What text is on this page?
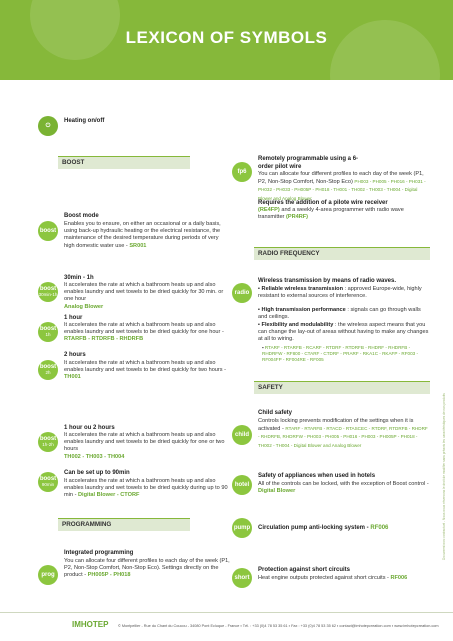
LEXICON OF SYMBOLS
⏻
Heating on/off
BOOST
boost
Boost mode
Enables you to ensure, on either an occasional or a daily basis, using back-up hydraulic heating or the electrical resistance, the maintenance of the desired temperature during periods of very high domestic water use - SR001
boost
30min-1h
30min - 1h
It accelerates the rate at which a bathroom heats up and also enables laundry and wet towels to be dried quickly for 30 min. or one hour
Analog Blower
boost
1h
1 hour
It accelerates the rate at which a bathroom heats up and also enables laundry and wet towels to be dried quickly for one hour - RTARFB - RTDRFB - RHDRFB
boost
2h
2 hours
It accelerates the rate at which a bathroom heats up and also enables laundry and wet towels to be dried quickly for two hours - TH001
boost
1h-2h
1 hour ou 2 hours
It accelerates the rate at which a bathroom heats up and also enables laundry and wet towels to be dried quickly for one or two hours
TH002 - TH003 - TH004
boost
90min
Can be set up to 90min
It accelerates the rate at which a bathroom heats up and also enables laundry and wet towels to be dried quickly during up to 90 min - Digital Blower - CTORF
PROGRAMMING
prog
Integrated programming
You can allocate four different profiles to each day of the week (P1, P2, Non-Stop Comfort, Non-Stop Eco). Settings directly on the product - PH005P - PH018
fp6
Remotely programmable using a 6-order pilot wire
You can allocate four different profiles to each day of the week (P1, P2, Non-Stop Comfort, Non-Stop Eco) PH003 - PH005 - PH016 - PH031 - PH032 - PH033 - PH005P - PH018 - TH001 - TH002 - TH003 - TH004 - Digital Blower and Analog Blower
Requires the addition of a pilote wire receiver
(RE4FP) and a weekly 4-area programmer with radio wave transmitter (PR4RF)
RADIO FREQUENCY
radio
Wireless transmission by means of radio waves.
▪ Reliable wireless transmission : approved Europe-wide, highly resistant to external sources of interference.
▪ High transmission performance : signals can go through walls and ceilings.
▪ Flexibility and modulability : the wireless aspect means that you can change the lay-out of areas without having to make any changes at all to wiring.
▪ RTARF - RTARFB - RCARF - RTDRF - RTDRFB - RHDRF - RHDRFB - RHDRFW - RF800 - CTARF - CTDRF - PRARF - RKA1C - RKAFP - RF003 - RF004FP - RF004RE - RF005
SAFETY
child
Child safety
Controls locking prevents modification of the settings when it is activated - RTARF - RTARFB - RTACD - RTASCEC - RTDRF, RTDRFB - RHDRF - RHDRFB, RHDRFW - PH003 - PH005 - PH016 - PH003 - PH005P - PH018 - TH002 - TH004 - Digital Blower and Analog Blower
hotel
Safety of appliances when used in hotels
All of the controls can be locked, with the exception of Boost control - Digital Blower
pump Circulation pump anti-locking system - RF006
short
Protection against short circuits
Heat engine outputs protected against short circuits - RF006
Document non contractuel - Nous nous réservons le droit de modifier sans préavis les caractéristiques de nos produits
IMHOTEP	© Montpellier - Rue du Chant du Coucou - 34080 Pont Ecluque - France ▪ Tél. : +33 (0)4 78 53 35 61 ▪ Fax : +33 (0)4 78 53 35 62 ▪ contact@imhotepcreation.com ▪ www.imhotepcreation.com
